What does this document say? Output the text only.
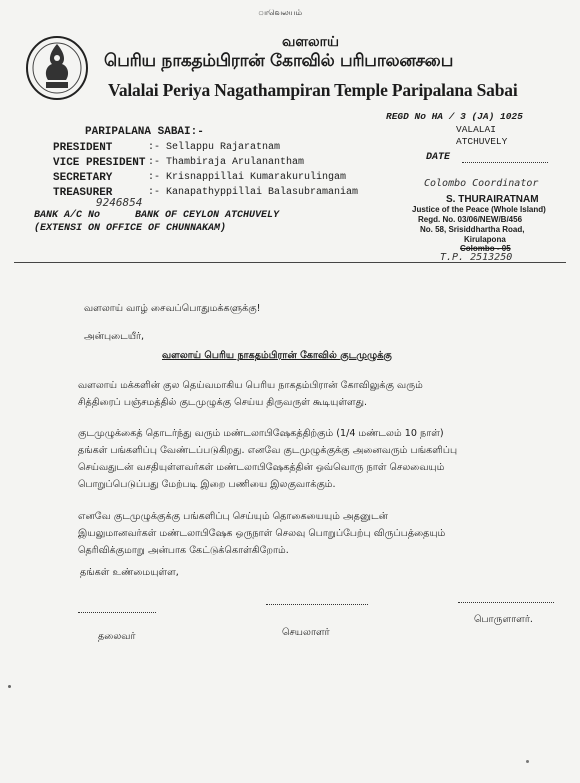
ாவெலயம்
வளலாய்
பெரிய நாகதம்பிரான் கோவில் பரிபாலனசபை
Valalai Periya Nagathampiran Temple Paripalana Sabai
PARIPALANA SABAI:-
PRESIDENT	:- Sellappu Rajaratnam
VICE PRESIDENT :- Thambiraja Arulanantham
SECRETARY	:- Krisnappillai Kumarakurulingam
TREASURER	:- Kanapathyppillai Balasubramaniam
9246854
BANK A/C No	BANK OF CEYLON ATCHUVELY
(EXTENSI ON OFFICE OF CHUNNAKAM)
REGD No HA / 3 (JA) 1025
VALALAI
ATCHUVELY
DATE
Colombo Coordinator
S. THURAIRATNAM
Justice of the Peace (Whole Island)
Regd. No. 03/06/NEW/B/456
No. 58, Srisiddhartha Road,
Kirulapona
Colombo - 05
T.P. 2513250
வளலாய் வாழ் சைவப்பொதுமக்களுக்கு!
அன்புடையீர்,
வளலாய் பெரிய நாகதம்பிரான் கோவில் குடமுழுக்கு
வளலாய் மக்களின் குல தெய்வமாகிய பெரிய நாகதம்பிரான் கோவிலுக்கு வரும்
சித்திரைப் பஞ்சமத்தில் குடமுழுக்கு செய்ய திருவருள் கூடியுள்ளது.
குடமுழுக்கைத் தொடர்ந்து வரும் மண்டலாபிஷேகத்திற்கும் (1/4 மண்டலம் 10 நாள்)
தங்கள் பங்களிப்பு வேண்டப்படுகிறது. எனவே குடமுழுக்குக்கு அனைவரும் பங்களிப்பு
செய்வதுடன் வசதியுள்ளவர்கள் மண்டலாபிஷேகத்தின் ஒவ்வொரு நாள் செலவையும்
பொறுப்பெடுப்பது மேற்படி இறை பணியை இலகுவாக்கும்.
எனவே குடமுழுக்குக்கு பங்களிப்பு செய்யும் தொகையையும் அதனுடன்
இயலுமானவர்கள் மண்டலாபிஷேக ஒருநாள் செலவு பொறுப்பேற்பு விருப்பத்தையும்
தெரிவிக்குமாறு அன்பாக கேட்டுக்கொள்கிறோம்.
தங்கள் உண்மையுள்ள,
தலைவர்	செயலாளர்
பொருளாளர்.
